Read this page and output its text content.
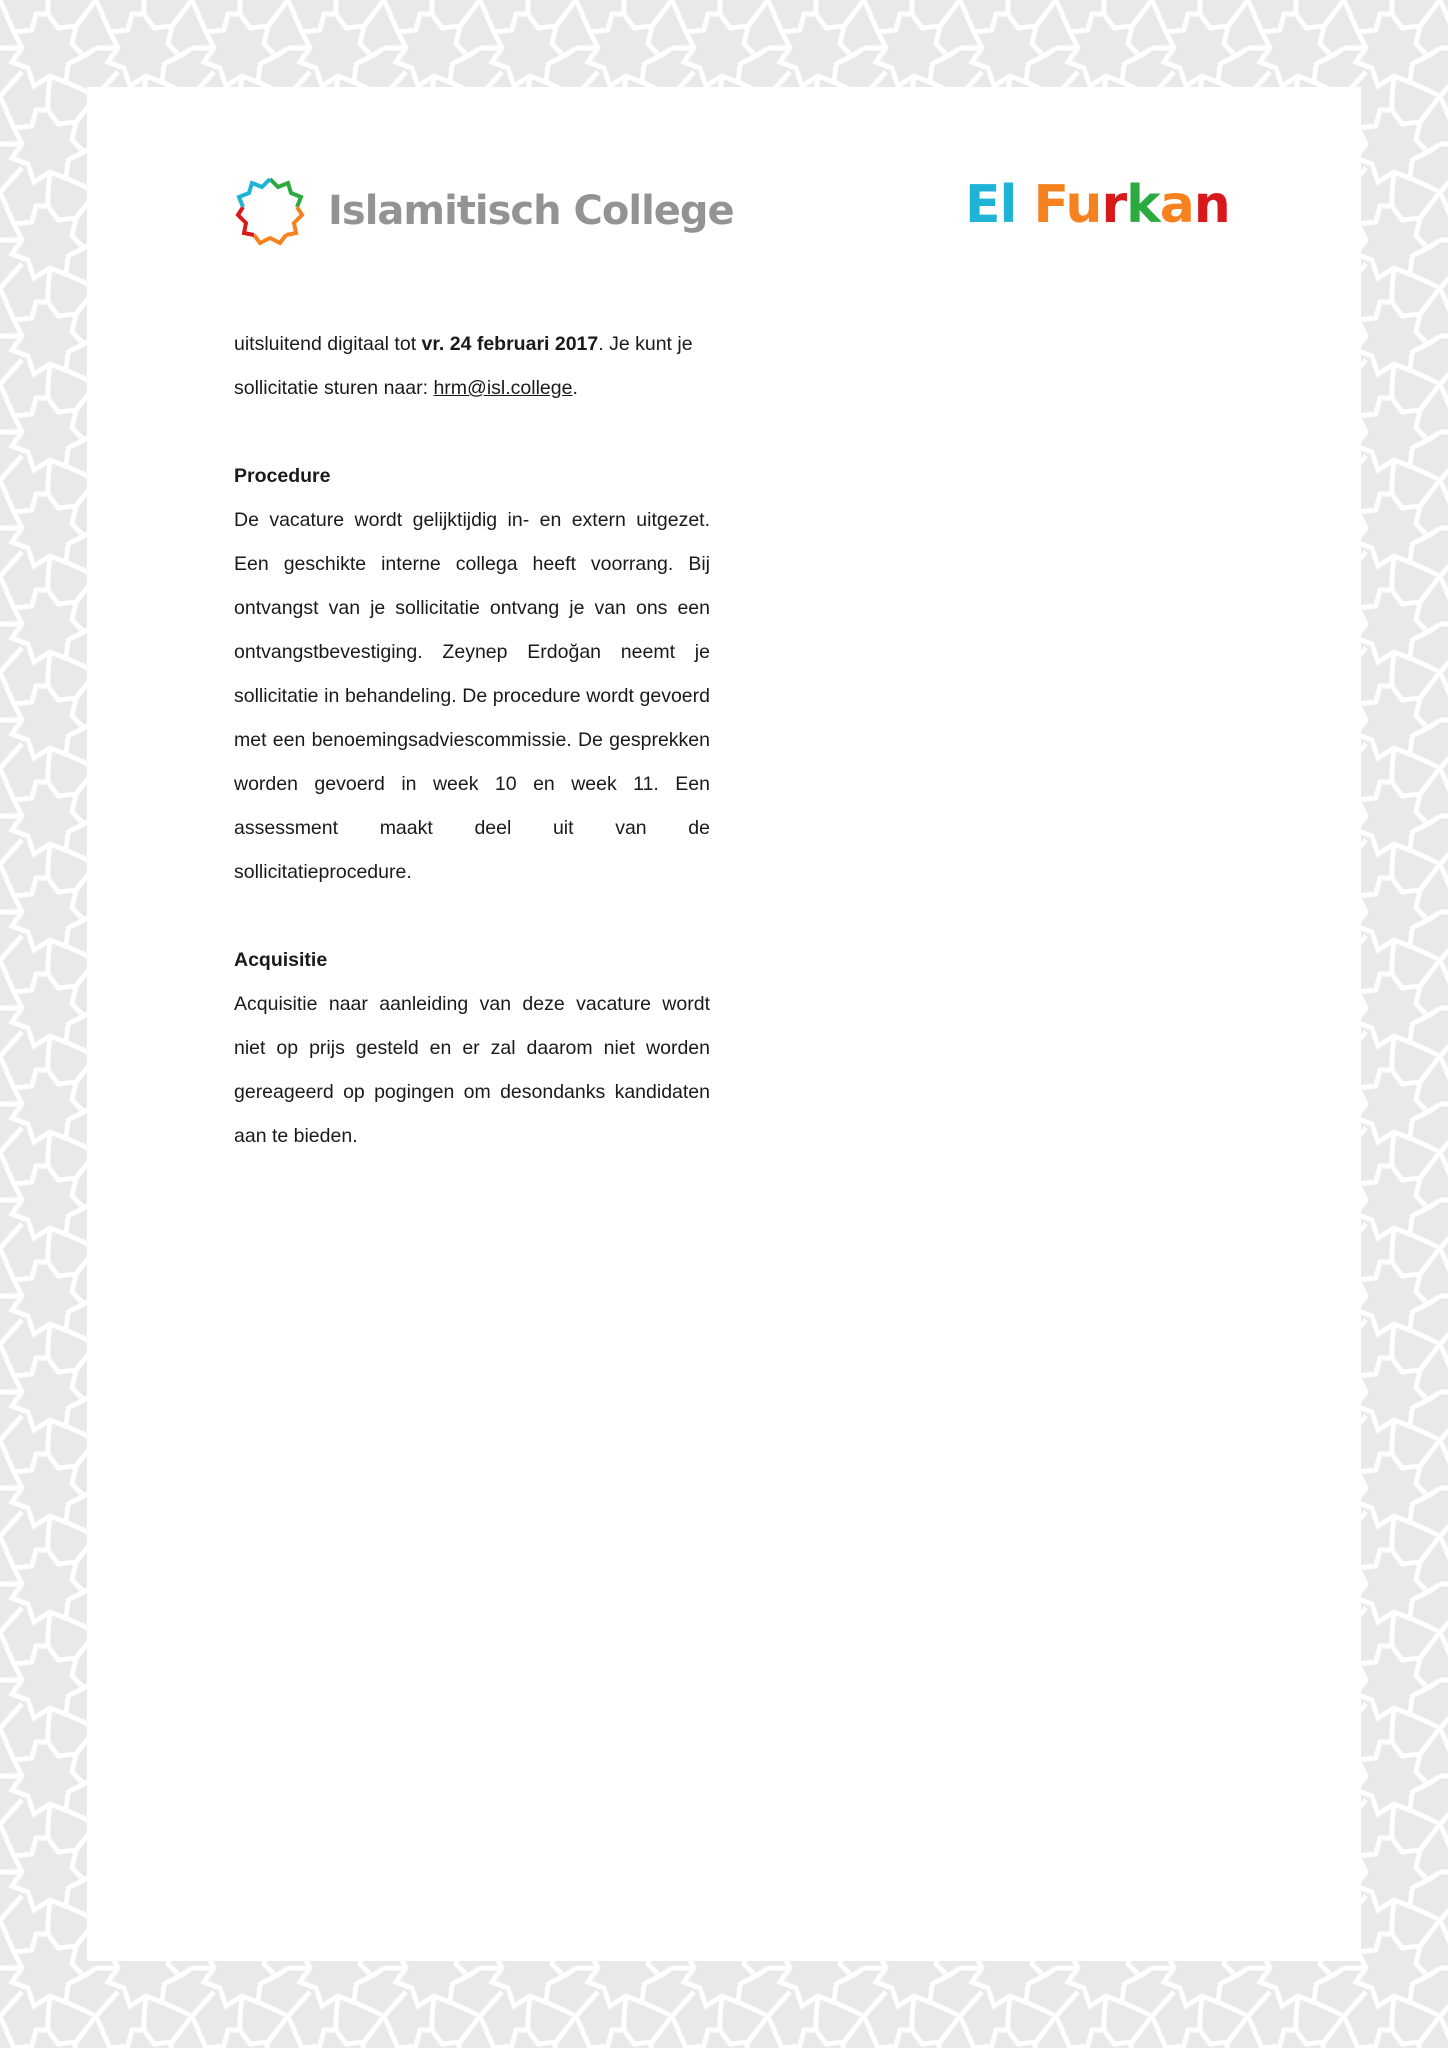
Islamitisch College	El Furkan

uitsluitend digitaal tot vr. 24 februari 2017. Je kunt je sollicitatie sturen naar: hrm@isl.college.

Procedure

De vacature wordt gelijktijdig in- en extern uitgezet. Een geschikte interne collega heeft voorrang. Bij ontvangst van je sollicitatie ontvang je van ons een ontvangstbevestiging. Zeynep Erdoğan neemt je sollicitatie in behandeling. De procedure wordt gevoerd met een benoemingsadviescommissie. De gesprekken worden gevoerd in week 10 en week 11. Een assessment maakt deel uit van de sollicitatieprocedure.

Acquisitie

Acquisitie naar aanleiding van deze vacature wordt niet op prijs gesteld en er zal daarom niet worden gereageerd op pogingen om desondanks kandidaten aan te bieden.
